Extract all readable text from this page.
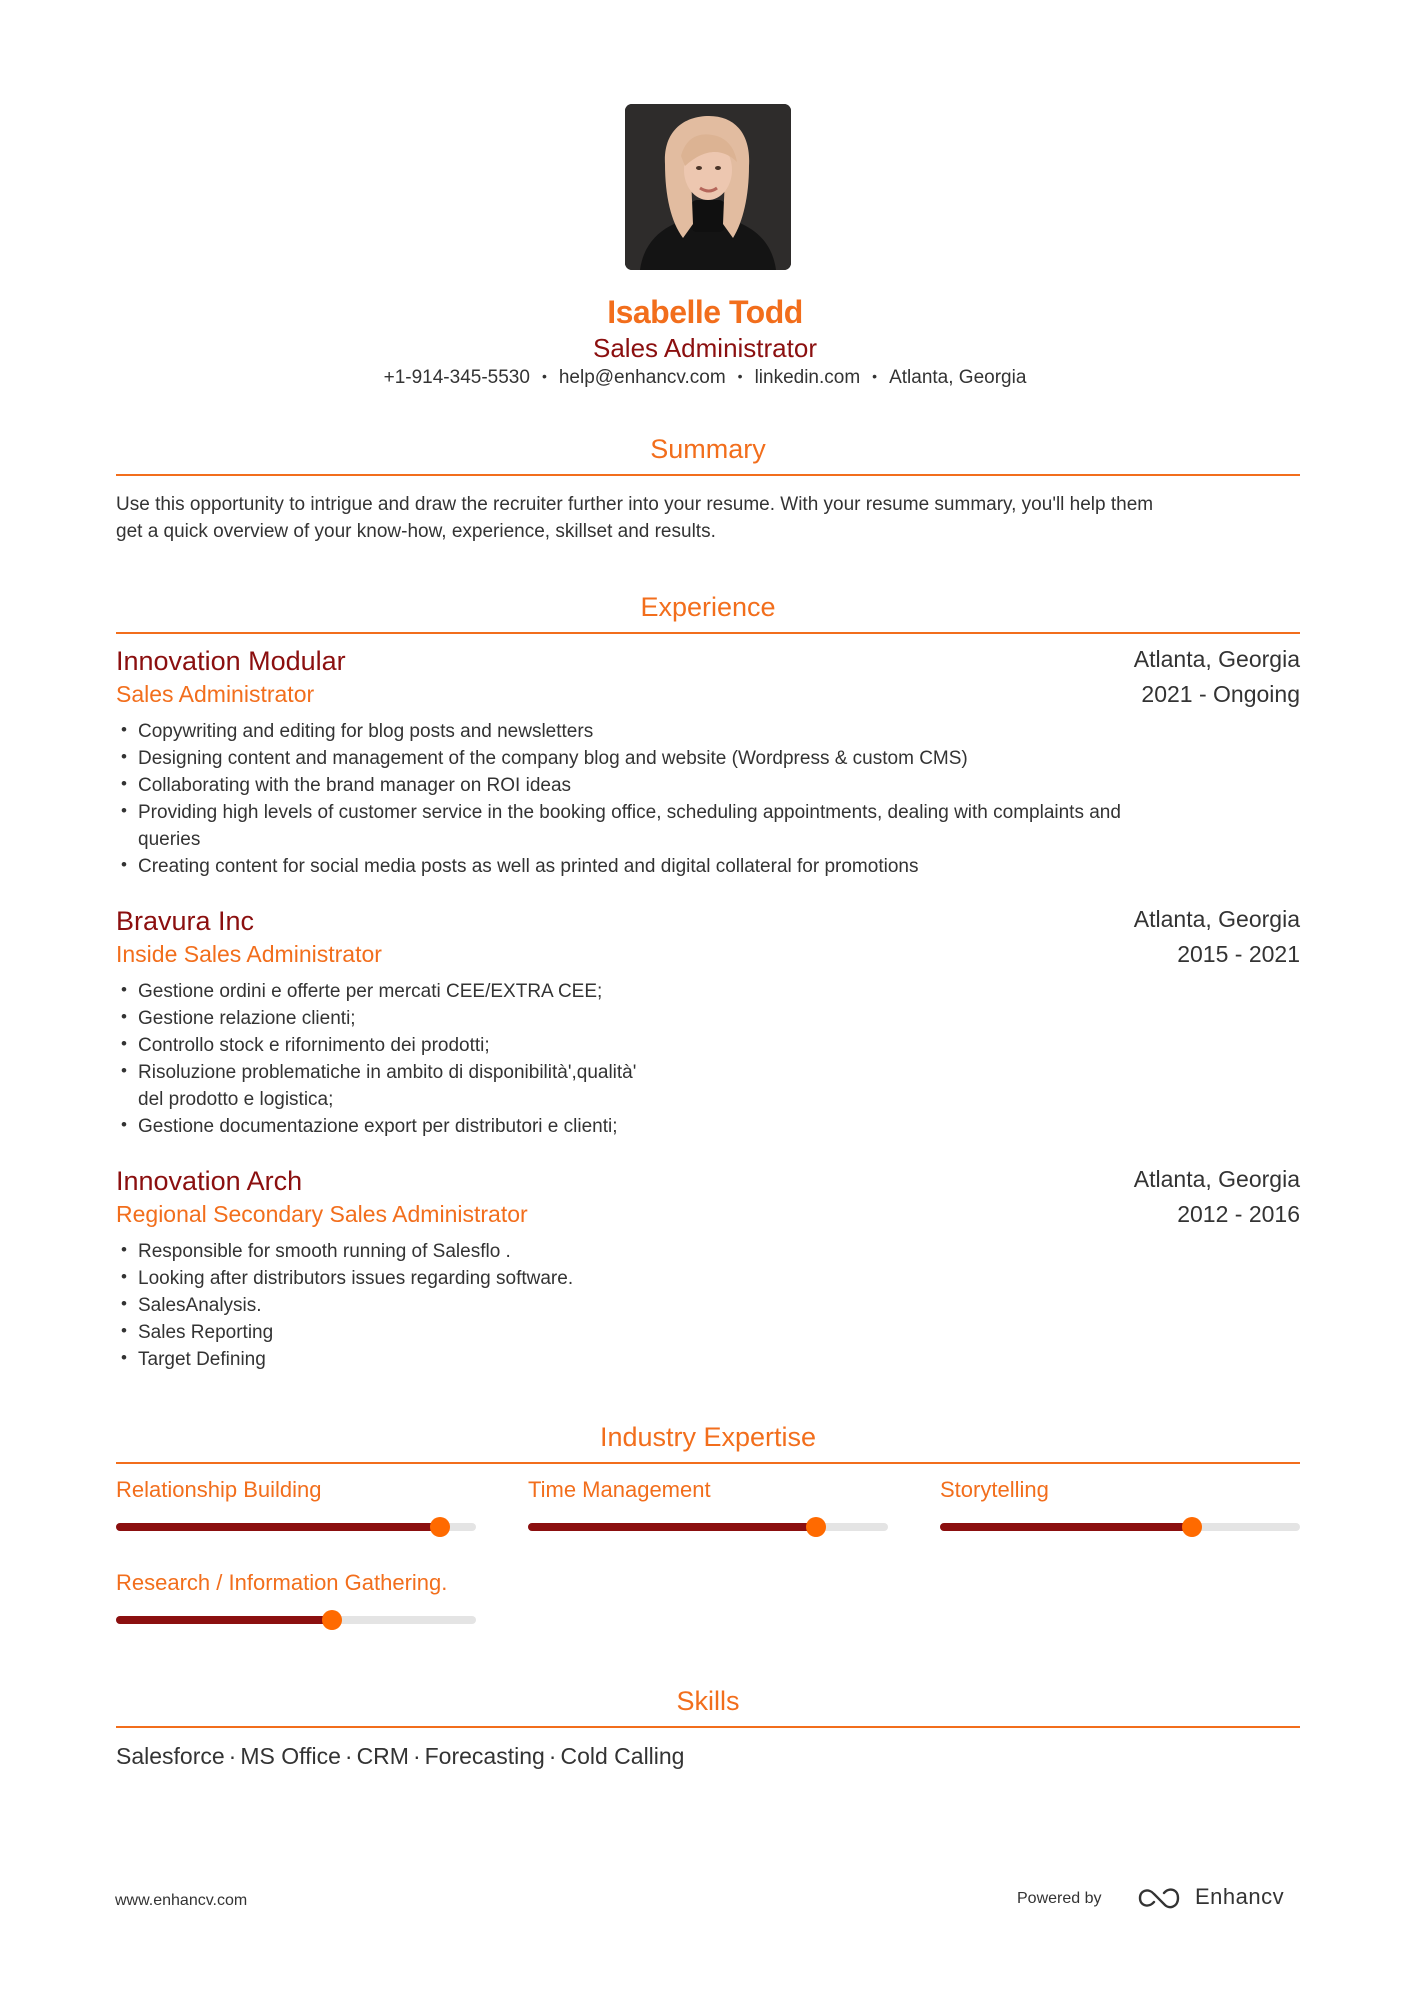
Isabelle Todd
Sales Administrator
+1-914-345-5530 • help@enhancv.com • linkedin.com • Atlanta, Georgia
Summary
Use this opportunity to intrigue and draw the recruiter further into your resume. With your resume summary, you'll help them
get a quick overview of your know-how, experience, skillset and results.
Experience
Innovation Modular	Atlanta, Georgia
Sales Administrator	2021 - Ongoing
• Copywriting and editing for blog posts and newsletters
• Designing content and management of the company blog and website (Wordpress & custom CMS)
• Collaborating with the brand manager on ROI ideas
• Providing high levels of customer service in the booking office, scheduling appointments, dealing with complaints and
queries
• Creating content for social media posts as well as printed and digital collateral for promotions
Bravura Inc	Atlanta, Georgia
Inside Sales Administrator	2015 - 2021
• Gestione ordini e offerte per mercati CEE/EXTRA CEE;
• Gestione relazione clienti;
• Controllo stock e rifornimento dei prodotti;
• Risoluzione problematiche in ambito di disponibilità',qualità'
del prodotto e logistica;
• Gestione documentazione export per distributori e clienti;
Innovation Arch	Atlanta, Georgia
Regional Secondary Sales Administrator	2012 - 2016
• Responsible for smooth running of Salesflo .
• Looking after distributors issues regarding software.
• SalesAnalysis.
• Sales Reporting
• Target Defining
Industry Expertise
Relationship Building	Time Management	Storytelling
Research / Information Gathering.
Skills
Salesforce · MS Office · CRM · Forecasting · Cold Calling
www.enhancv.com	Powered by	Enhancv
